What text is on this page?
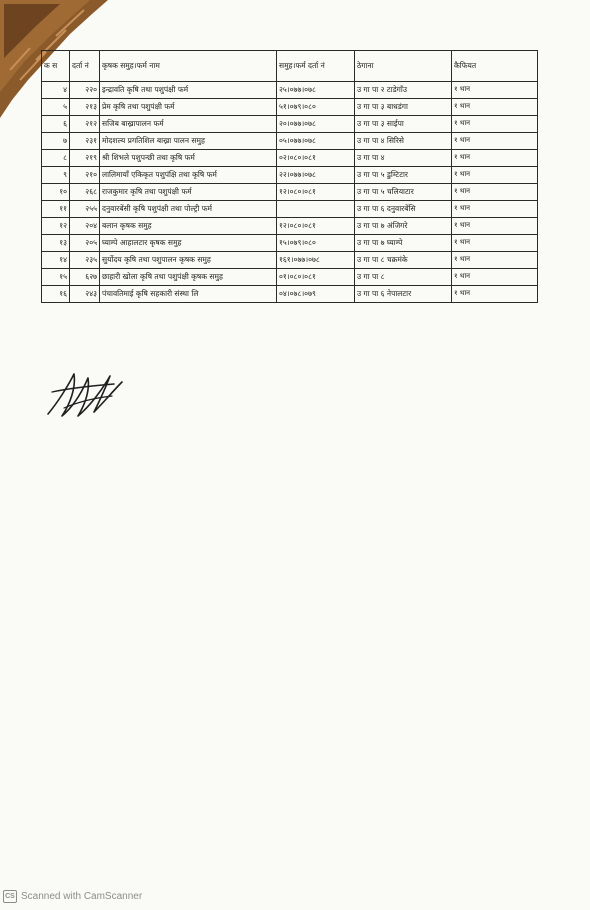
क स	दर्ता नं	कृषक समुह।फर्म नाम	समुह।फर्म दर्ता नं	ठेगाना	कैफियत
४	२२०	इन्द्रावति कृषि तथा पशुपंक्षी फर्म	२५।०७७।०७८	उ गा पा २ टाडेगाँउ	१ थान
५	२१३	प्रेम कृषि तथा पशुपंक्षी फर्म	५१।०७९।०८०	उ गा पा ३ बाधडंगा	१ थान
६	२१२	सजिब बाख्रापालन फर्म	२०।०७७।०७८	उ गा पा ३ साईपा	१ थान
७	२३१	मोदशल्य प्रगतिशिल बाख्रा पालन समुह	०५।०७७।०७८	उ गा पा ४ सिरिसे	१ थान
८	२१९	श्री शिभले पशुपन्छी तथा कृषि फर्म	०२।०८०।०८१	उ गा पा ४	१ थान
९	२१०	लालिमायाँ एकिकृत पशुपंक्षि तथा कृषि फर्म	२२।०७७।०७८	उ गा पा ५ डुम्टिटार	१ थान
१०	२६८	राजकुमार कृषि तथा पशुपंक्षी फर्म	१२।०८०।०८१	उ गा पा ५ चलियाटार	१ थान
११	२५५	दनुवारबेंसी कृषि पशुपंक्षी तथा पोल्ट्री फर्म		उ गा पा ६ दनुवारबेंसि	१ थान
१२	२०४	बलान कृषक समुह	१२।०८०।०८१	उ गा पा ७ अंजिगरे	१ थान
१३	२०५	घ्याम्पे आहालटार कृषक समुह	१५।०७९।०८०	उ गा पा ७ घ्याम्पे	१ थान
१४	२३५	सुर्योदय कृषि तथा पशुपालन कृषक समुह	१६१।०७७।०७८	उ गा पा ८ चक्रमंके	१ थान
१५	६२७	छाहारी खोला कृषि तथा पशुपंक्षी कृषक समुह	०१।०८०।०८१	उ गा पा ८	१ थान
१६	२४३	पंचावतिमाई कृषि सहकारी संस्था लि	०४।०७८।०७९	उ गा पा ६ नेपालटार	१ थान
CS Scanned with CamScanner
